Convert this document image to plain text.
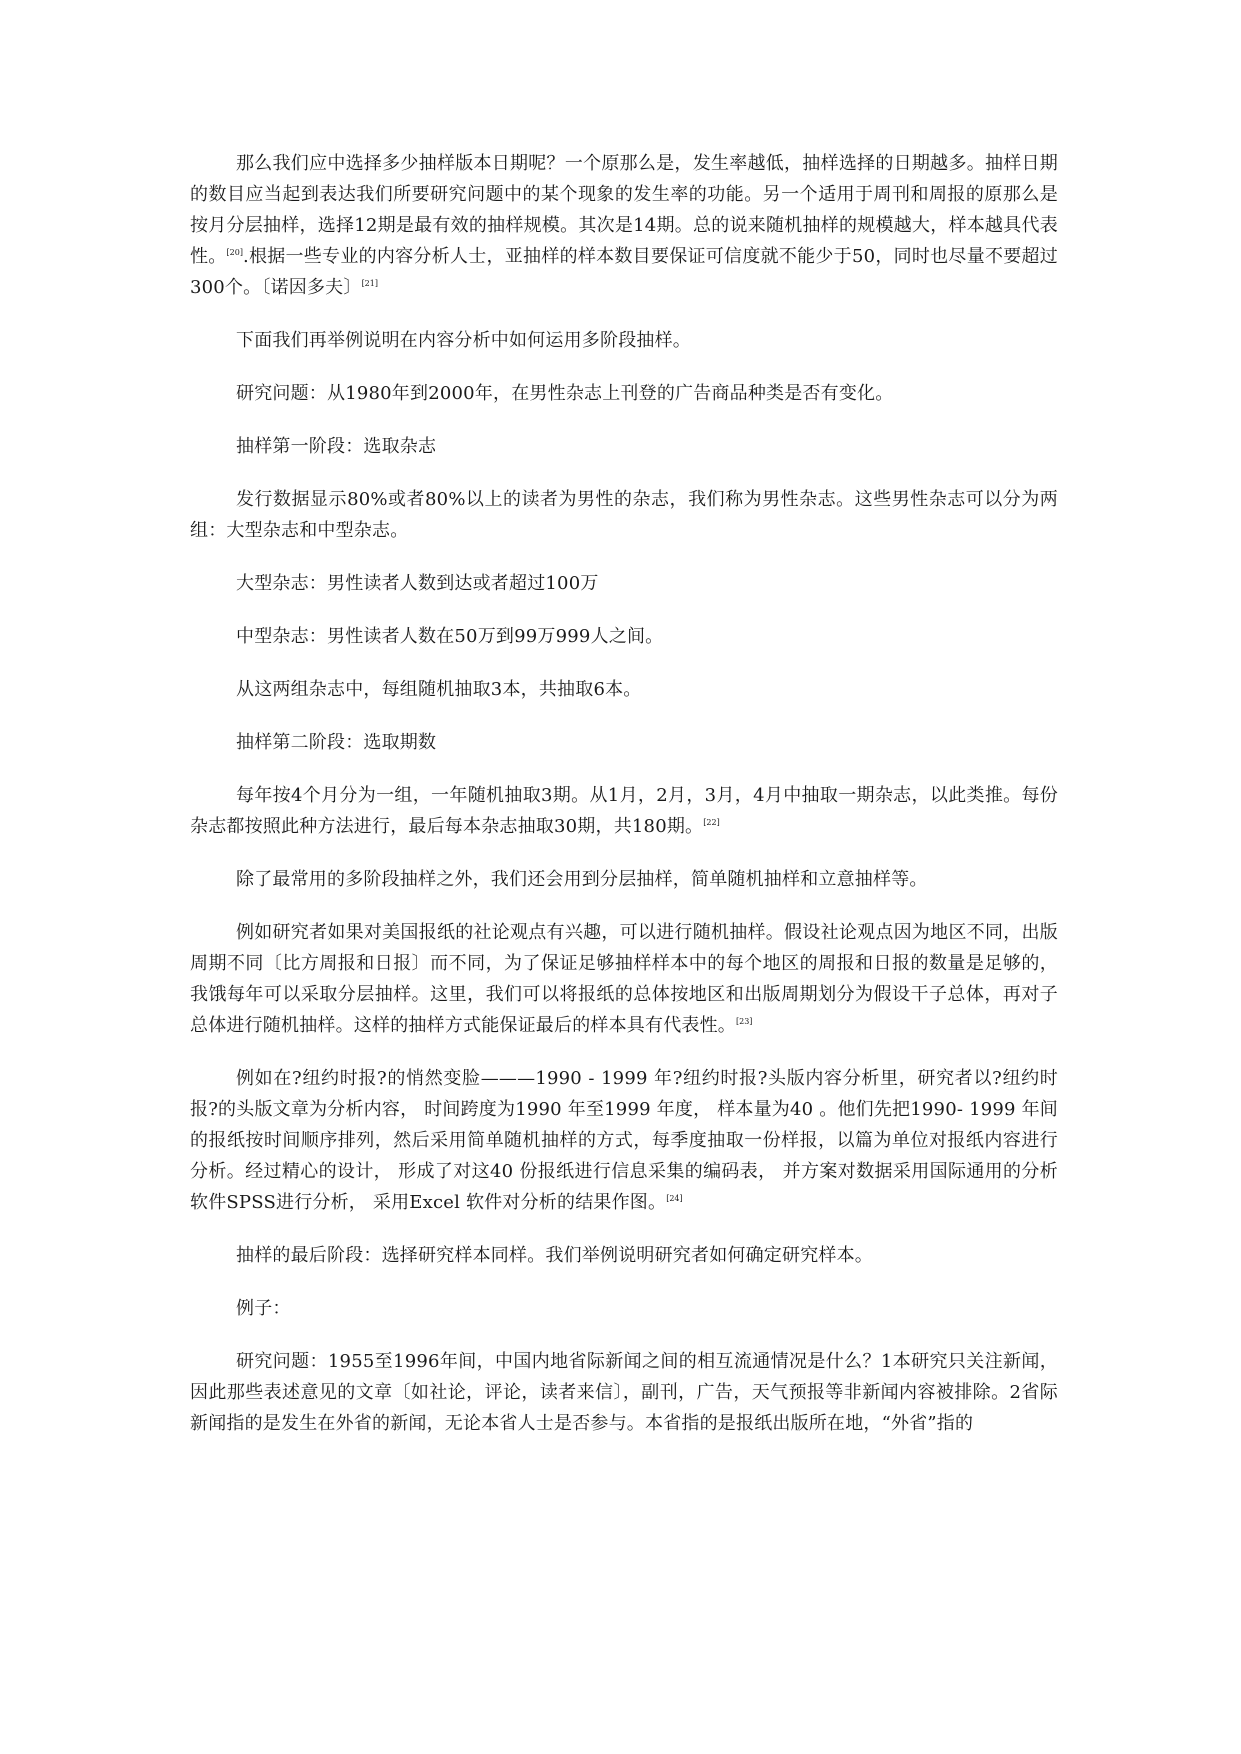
那么我们应中选择多少抽样版本日期呢？一个原那么是，发生率越低，抽样选择的日期越多。抽样日期的数目应当起到表达我们所要研究问题中的某个现象的发生率的功能。另一个适用于周刊和周报的原那么是按月分层抽样，选择12期是最有效的抽样规模。其次是14期。总的说来随机抽样的规模越大，样本越具代表性。[20].根据一些专业的内容分析人士，亚抽样的样本数目要保证可信度就不能少于50，同时也尽量不要超过300个。〔诺因多夫〕[21]

下面我们再举例说明在内容分析中如何运用多阶段抽样。

研究问题：从1980年到2000年，在男性杂志上刊登的广告商品种类是否有变化。

抽样第一阶段：选取杂志

发行数据显示80%或者80%以上的读者为男性的杂志，我们称为男性杂志。这些男性杂志可以分为两组：大型杂志和中型杂志。

大型杂志：男性读者人数到达或者超过100万

中型杂志：男性读者人数在50万到99万999人之间。

从这两组杂志中，每组随机抽取3本，共抽取6本。

抽样第二阶段：选取期数

每年按4个月分为一组，一年随机抽取3期。从1月，2月，3月，4月中抽取一期杂志，以此类推。每份杂志都按照此种方法进行，最后每本杂志抽取30期，共180期。[22]

除了最常用的多阶段抽样之外，我们还会用到分层抽样，简单随机抽样和立意抽样等。

例如研究者如果对美国报纸的社论观点有兴趣，可以进行随机抽样。假设社论观点因为地区不同，出版周期不同〔比方周报和日报〕而不同，为了保证足够抽样样本中的每个地区的周报和日报的数量是足够的，我饿每年可以采取分层抽样。这里，我们可以将报纸的总体按地区和出版周期划分为假设干子总体，再对子总体进行随机抽样。这样的抽样方式能保证最后的样本具有代表性。[23]

例如在?纽约时报?的悄然变脸———1990 - 1999 年?纽约时报?头版内容分析里，研究者以?纽约时报?的头版文章为分析内容， 时间跨度为1990 年至1999 年度， 样本量为40 。他们先把1990- 1999 年间的报纸按时间顺序排列，然后采用简单随机抽样的方式，每季度抽取一份样报，以篇为单位对报纸内容进行分析。经过精心的设计， 形成了对这40 份报纸进行信息采集的编码表， 并方案对数据采用国际通用的分析软件SPSS进行分析， 采用Excel 软件对分析的结果作图。[24]

抽样的最后阶段：选择研究样本同样。我们举例说明研究者如何确定研究样本。

例子：

研究问题：1955至1996年间，中国内地省际新闻之间的相互流通情况是什么？1本研究只关注新闻，因此那些表述意见的文章〔如社论，评论，读者来信〕，副刊，广告，天气预报等非新闻内容被排除。2省际新闻指的是发生在外省的新闻，无论本省人士是否参与。本省指的是报纸出版所在地，“外省”指的
